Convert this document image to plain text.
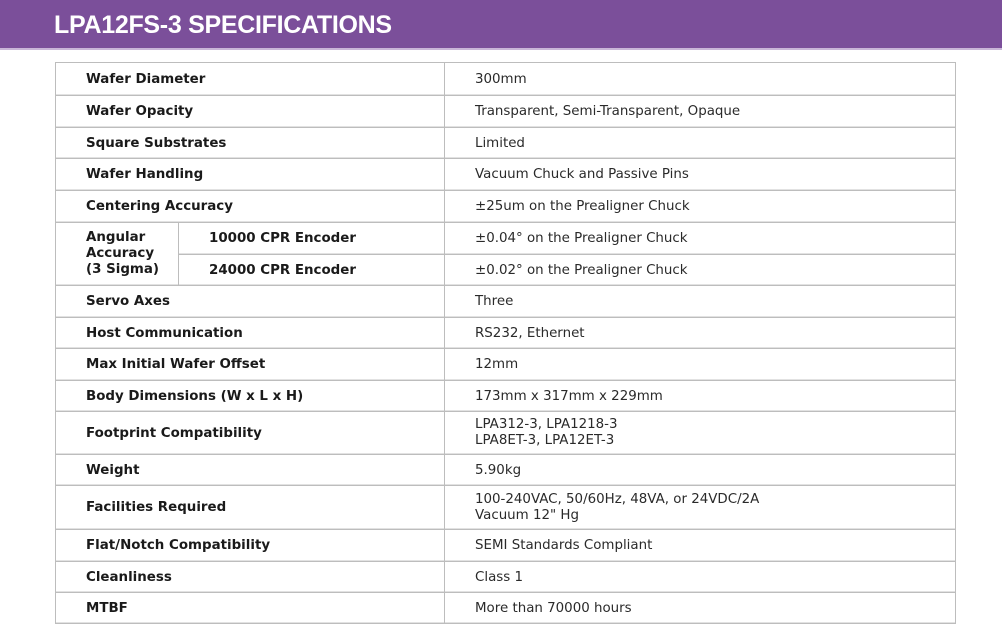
LPA12FS-3 SPECIFICATIONS
Wafer Diameter		300mm
Wafer Opacity		Transparent, Semi-Transparent, Opaque
Square Substrates		Limited
Wafer Handling		Vacuum Chuck and Passive Pins
Centering Accuracy		±25um on the Prealigner Chuck

Angular
Accuracy
(3 Sigma)	10000 CPR Encoder	±0.04° on the Prealigner Chuck
	24000 CPR Encoder	±0.02° on the Prealigner Chuck
Servo Axes		Three
Host Communication		RS232, Ethernet
Max Initial Wafer Offset		12mm
Body Dimensions (W x L x H)		173mm x 317mm x 229mm
Footprint Compatibility		LPA312-3, LPA1218-3
LPA8ET-3, LPA12ET-3

Weight		5.90kg
Facilities Required		100-240VAC, 50/60Hz, 48VA, or 24VDC/2A
Vacuum 12" Hg

Flat/Notch Compatibility		SEMI Standards Compliant
Cleanliness		Class 1
MTBF		More than 70000 hours
